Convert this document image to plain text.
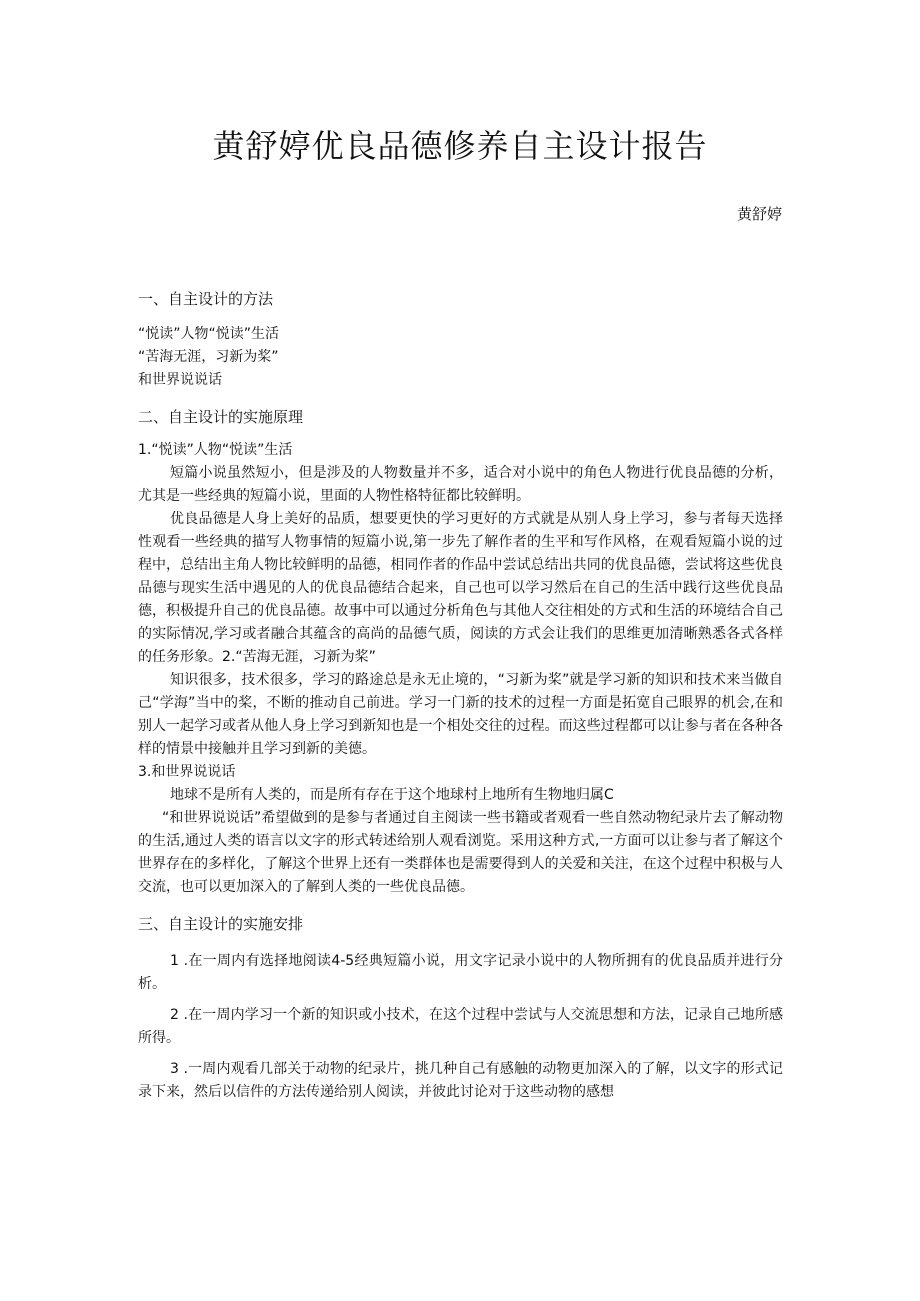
黄舒婷优良品德修养自主设计报告
黄舒婷
一、自主设计的方法
“悦读”人物“悦读”生活
“苦海无涯，习新为桨”
和世界说说话
二、自主设计的实施原理
1.“悦读”人物“悦读”生活

短篇小说虽然短小，但是涉及的人物数量并不多，适合对小说中的角色人物进行优良品德的分析，尤其是一些经典的短篇小说，里面的人物性格特征都比较鲜明。

优良品德是人身上美好的品质，想要更快的学习更好的方式就是从别人身上学习，参与者每天选择性观看一些经典的描写人物事情的短篇小说,第一步先了解作者的生平和写作风格，在观看短篇小说的过程中，总结出主角人物比较鲜明的品德，相同作者的作品中尝试总结出共同的优良品德，尝试将这些优良品德与现实生活中遇见的人的优良品德结合起来，自己也可以学习然后在自己的生活中践行这些优良品德，积极提升自己的优良品德。故事中可以通过分析角色与其他人交往相处的方式和生活的环境结合自己的实际情况,学习或者融合其蕴含的高尚的品德气质，阅读的方式会让我们的思维更加清晰熟悉各式各样的任务形象。2.“苦海无涯，习新为桨”

知识很多，技术很多，学习的路途总是永无止境的，“习新为桨”就是学习新的知识和技术来当做自己“学海”当中的桨，不断的推动自己前进。学习一门新的技术的过程一方面是拓宽自己眼界的机会,在和别人一起学习或者从他人身上学习到新知也是一个相处交往的过程。而这些过程都可以让参与者在各种各样的情景中接触并且学习到新的美德。

3.和世界说说话

地球不是所有人类的，而是所有存在于这个地球村上地所有生物地归属C

“和世界说说话”希望做到的是参与者通过自主阅读一些书籍或者观看一些自然动物纪录片去了解动物的生活,通过人类的语言以文字的形式转述给别人观看浏览。采用这种方式,一方面可以让参与者了解这个世界存在的多样化，了解这个世界上还有一类群体也是需要得到人的关爱和关注，在这个过程中积极与人交流，也可以更加深入的了解到人类的一些优良品德。

三、自主设计的实施安排

1 .在一周内有选择地阅读4-5经典短篇小说，用文字记录小说中的人物所拥有的优良品质并进行分析。

2 .在一周内学习一个新的知识或小技术，在这个过程中尝试与人交流思想和方法，记录自己地所感所得。

3 .一周内观看几部关于动物的纪录片，挑几种自己有感触的动物更加深入的了解，以文字的形式记录下来，然后以信件的方法传递给别人阅读，并彼此讨论对于这些动物的感想
